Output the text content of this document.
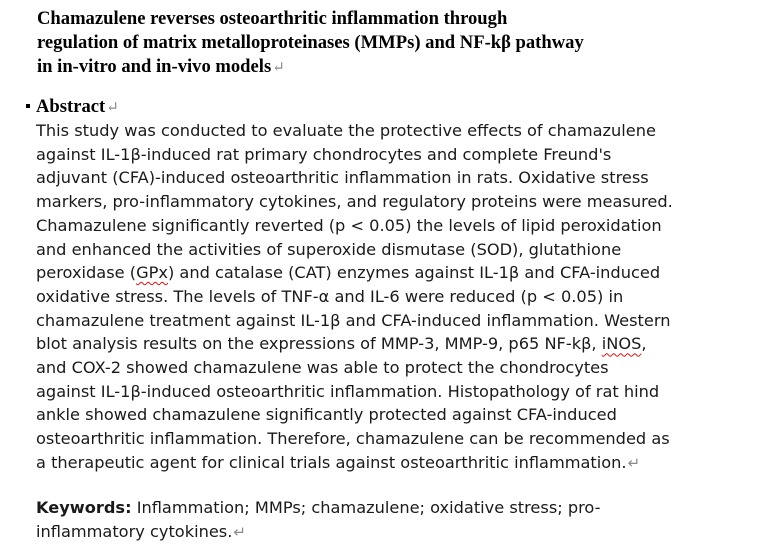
Chamazulene reverses osteoarthritic inflammation through
regulation of matrix metalloproteinases (MMPs) and NF-kβ pathway
in in-vitro and in-vivo models↵
Abstract↵
This study was conducted to evaluate the protective effects of chamazulene
against IL-1β-induced rat primary chondrocytes and complete Freund's
adjuvant (CFA)-induced osteoarthritic inflammation in rats. Oxidative stress
markers, pro-inflammatory cytokines, and regulatory proteins were measured.
Chamazulene significantly reverted (p < 0.05) the levels of lipid peroxidation
and enhanced the activities of superoxide dismutase (SOD), glutathione
peroxidase (GPx) and catalase (CAT) enzymes against IL-1β and CFA-induced
oxidative stress. The levels of TNF-α and IL-6 were reduced (p < 0.05) in
chamazulene treatment against IL-1β and CFA-induced inflammation. Western
blot analysis results on the expressions of MMP-3, MMP-9, p65 NF-kβ, iNOS,
and COX-2 showed chamazulene was able to protect the chondrocytes
against IL-1β-induced osteoarthritic inflammation. Histopathology of rat hind
ankle showed chamazulene significantly protected against CFA-induced
osteoarthritic inflammation. Therefore, chamazulene can be recommended as
a therapeutic agent for clinical trials against osteoarthritic inflammation.↵
Keywords: Inflammation; MMPs; chamazulene; oxidative stress; pro-
inflammatory cytokines.↵
